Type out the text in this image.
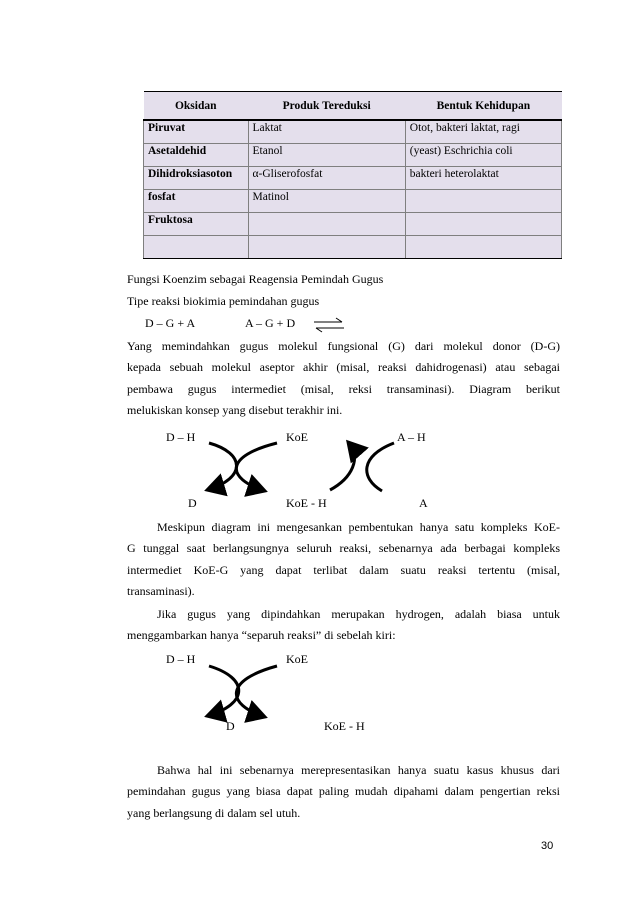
Oksidan	Produk Tereduksi	Bentuk Kehidupan
Piruvat	Laktat	Otot, bakteri laktat, ragi
Asetaldehid	Etanol	(yeast) Eschrichia coli
Dihidroksiasoton	α-Gliserofosfat	bakteri heterolaktat
fosfat	Matinol	
Fruktosa		

Fungsi Koenzim sebagai Reagensia Pemindah Gugus
Tipe reaksi biokimia pemindahan gugus
D – G + A	A – G + D ⇌
Yang memindahkan gugus molekul fungsional (G) dari molekul donor (D-G)
kepada sebuah molekul aseptor akhir (misal, reaksi dahidrogenasi) atau sebagai
pembawa gugus intermediet (misal, reksi transaminasi). Diagram berikut
melukiskan konsep yang disebut terakhir ini.
D – H	KoE	A – H
D	KoE - H	A
Meskipun diagram ini mengesankan pembentukan hanya satu kompleks KoE-
G tunggal saat berlangsungnya seluruh reaksi, sebenarnya ada berbagai kompleks
intermediet KoE-G yang dapat terlibat dalam suatu reaksi tertentu (misal,
transaminasi).
Jika gugus yang dipindahkan merupakan hydrogen, adalah biasa untuk
menggambarkan hanya “separuh reaksi” di sebelah kiri:
D – H	KoE
D	KoE - H
Bahwa hal ini sebenarnya merepresentasikan hanya suatu kasus khusus dari
pemindahan gugus yang biasa dapat paling mudah dipahami dalam pengertian reksi
yang berlangsung di dalam sel utuh.
30
